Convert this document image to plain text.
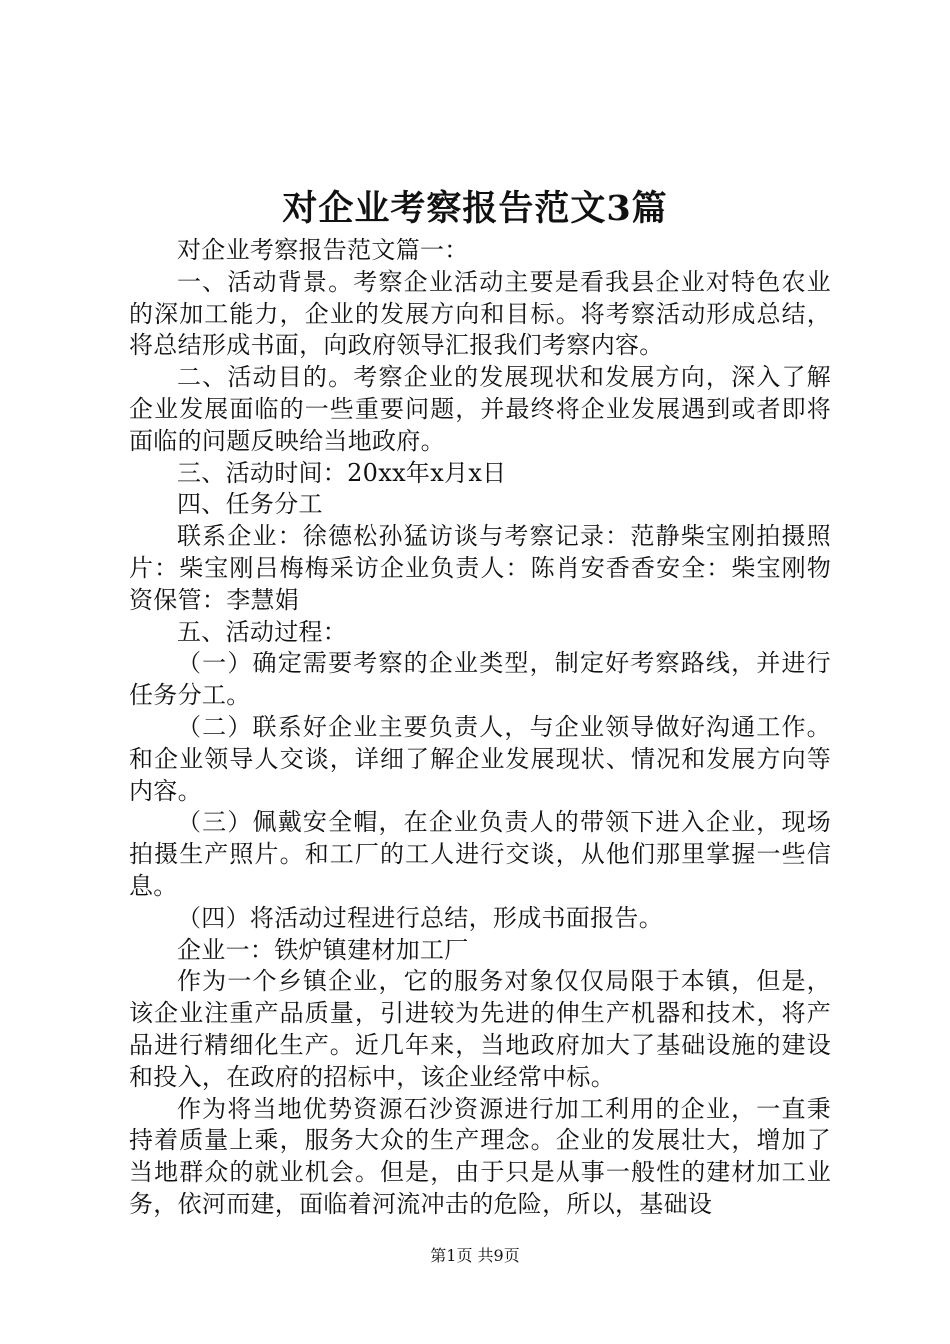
对企业考察报告范文3篇

对企业考察报告范文篇一：

一、活动背景。考察企业活动主要是看我县企业对特色农业的深加工能力，企业的发展方向和目标。将考察活动形成总结，将总结形成书面，向政府领导汇报我们考察内容。

二、活动目的。考察企业的发展现状和发展方向，深入了解企业发展面临的一些重要问题，并最终将企业发展遇到或者即将面临的问题反映给当地政府。

三、活动时间：20xx年x月x日

四、任务分工

联系企业：徐德松孙猛访谈与考察记录：范静柴宝刚拍摄照片：柴宝刚吕梅梅采访企业负责人：陈肖安香香安全：柴宝刚物资保管：李慧娟

五、活动过程：

（一）确定需要考察的企业类型，制定好考察路线，并进行任务分工。

（二）联系好企业主要负责人，与企业领导做好沟通工作。和企业领导人交谈，详细了解企业发展现状、情况和发展方向等内容。

（三）佩戴安全帽，在企业负责人的带领下进入企业，现场拍摄生产照片。和工厂的工人进行交谈，从他们那里掌握一些信息。

（四）将活动过程进行总结，形成书面报告。

企业一：铁炉镇建材加工厂

作为一个乡镇企业，它的服务对象仅仅局限于本镇，但是，该企业注重产品质量，引进较为先进的伸生产机器和技术，将产品进行精细化生产。近几年来，当地政府加大了基础设施的建设和投入，在政府的招标中，该企业经常中标。

作为将当地优势资源石沙资源进行加工利用的企业，一直秉持着质量上乘，服务大众的生产理念。企业的发展壮大，增加了当地群众的就业机会。但是，由于只是从事一般性的建材加工业务，依河而建，面临着河流冲击的危险，所以，基础设

第1页 共9页
